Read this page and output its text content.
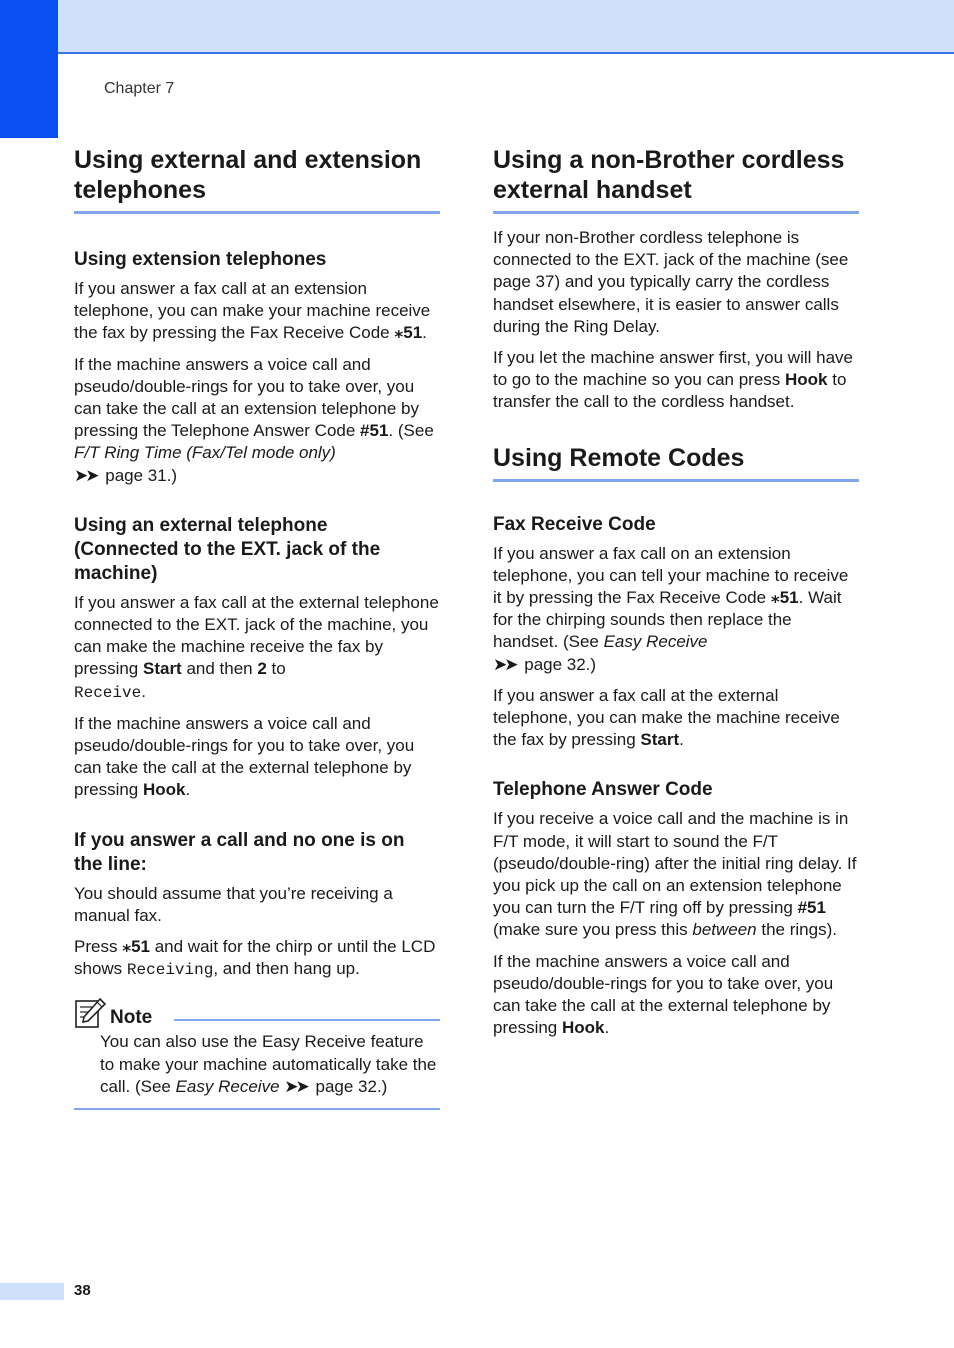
Chapter 7
Using external and extension
telephones
Using extension telephones

If you answer a fax call at an extension telephone, you can make your machine receive the fax by pressing the Fax Receive Code ⁎51.

If the machine answers a voice call and pseudo/double-rings for you to take over, you can take the call at an extension telephone by pressing the Telephone Answer Code #51. (See F/T Ring Time (Fax/Tel mode only)
➤➤ page 31.)

Using an external telephone
(Connected to the EXT. jack of the
machine)

If you answer a fax call at the external telephone connected to the EXT. jack of the machine, you can make the machine receive the fax by pressing Start and then 2 to
Receive.

If the machine answers a voice call and pseudo/double-rings for you to take over, you can take the call at the external telephone by pressing Hook.

If you answer a call and no one is on
the line:

You should assume that you’re receiving a manual fax.

Press ⁎51 and wait for the chirp or until the LCD shows Receiving, and then hang up.

Note

You can also use the Easy Receive feature to make your machine automatically take the call. (See Easy Receive ➤➤ page 32.)

Using a non-Brother cordless
external handset

If your non-Brother cordless telephone is connected to the EXT. jack of the machine (see page 37) and you typically carry the cordless handset elsewhere, it is easier to answer calls during the Ring Delay.

If you let the machine answer first, you will have to go to the machine so you can press Hook to transfer the call to the cordless handset.

Using Remote Codes
Fax Receive Code

If you answer a fax call on an extension telephone, you can tell your machine to receive it by pressing the Fax Receive Code ⁎51. Wait for the chirping sounds then replace the handset. (See Easy Receive
➤➤ page 32.)

If you answer a fax call at the external telephone, you can make the machine receive the fax by pressing Start.

Telephone Answer Code

If you receive a voice call and the machine is in F/T mode, it will start to sound the F/T (pseudo/double-ring) after the initial ring delay. If you pick up the call on an extension telephone you can turn the F/T ring off by pressing #51 (make sure you press this between the rings).

If the machine answers a voice call and pseudo/double-rings for you to take over, you can take the call at the external telephone by pressing Hook.

38
